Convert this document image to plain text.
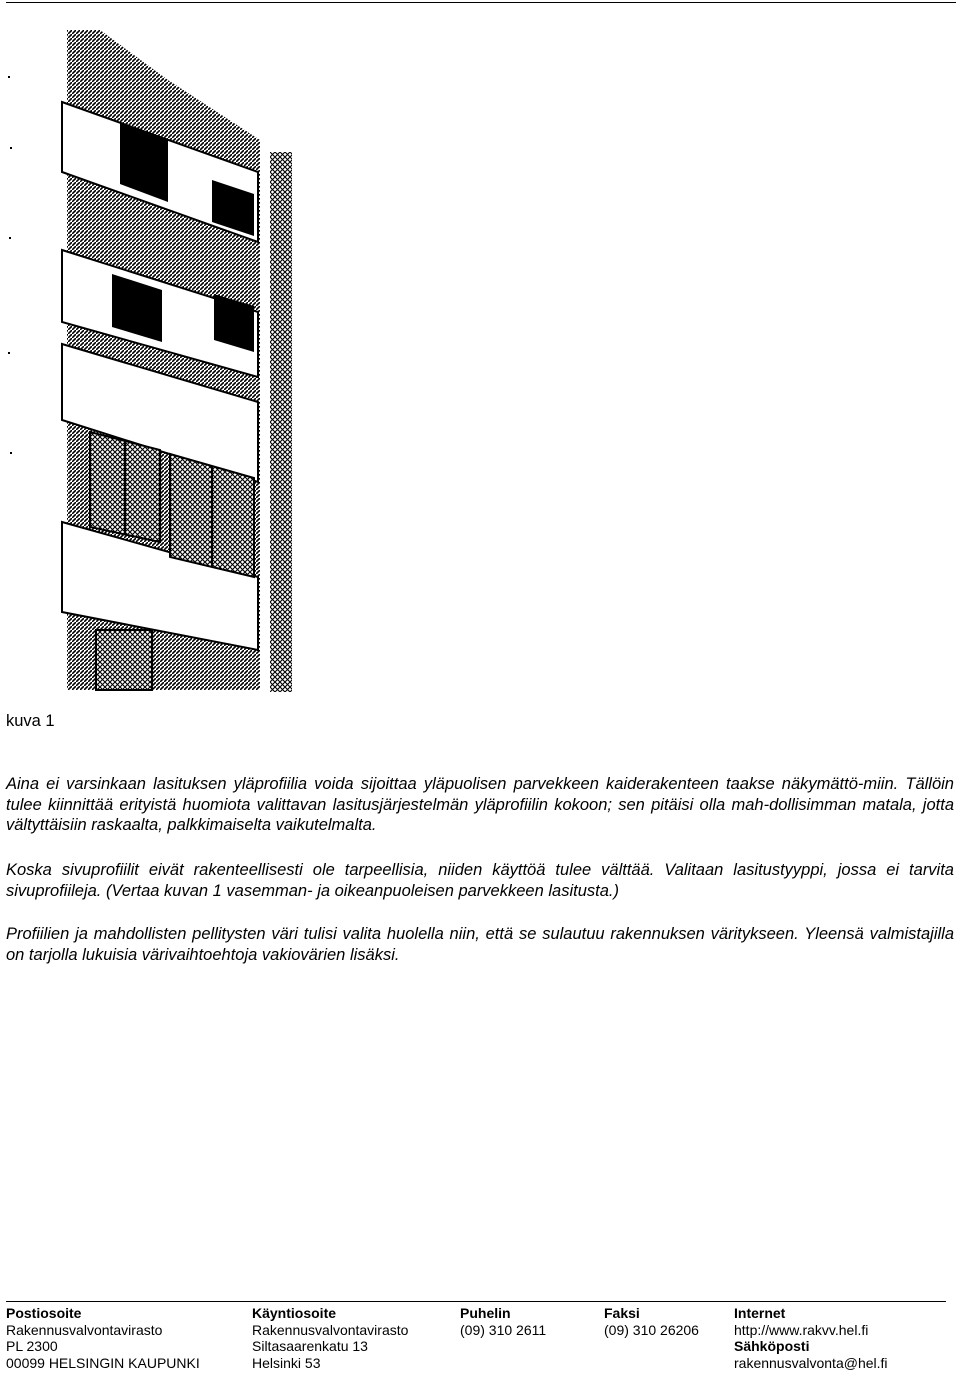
kuva 1

Aina ei varsinkaan lasituksen yläprofiilia voida sijoittaa yläpuolisen parvekkeen kaiderakenteen taakse näkymättö-miin. Tällöin tulee kiinnittää erityistä huomiota valittavan lasitusjärjestelmän yläprofiilin kokoon; sen pitäisi olla mah-dollisimman matala, jotta vältyttäisiin raskaalta, palkkimaiselta vaikutelmalta.

Koska sivuprofiilit eivät rakenteellisesti ole tarpeellisia, niiden käyttöä tulee välttää. Valitaan lasitustyyppi, jossa ei tarvita sivuprofiileja. (Vertaa kuvan 1 vasemman- ja oikeanpuoleisen parvekkeen lasitusta.)

Profiilien ja mahdollisten pellitysten väri tulisi valita huolella niin, että se sulautuu rakennuksen väritykseen. Yleensä valmistajilla on tarjolla lukuisia värivaihtoehtoja vakiovärien lisäksi.

Postiosoite
Rakennusvalvontavirasto
PL 2300
00099 HELSINGIN KAUPUNKI
Käyntiosoite
Rakennusvalvontavirasto
Siltasaarenkatu 13
Helsinki 53
Puhelin
(09) 310 2611
Faksi
(09) 310 26206
Internet
http://www.rakvv.hel.fi
Sähköposti
rakennusvalvonta@hel.fi
